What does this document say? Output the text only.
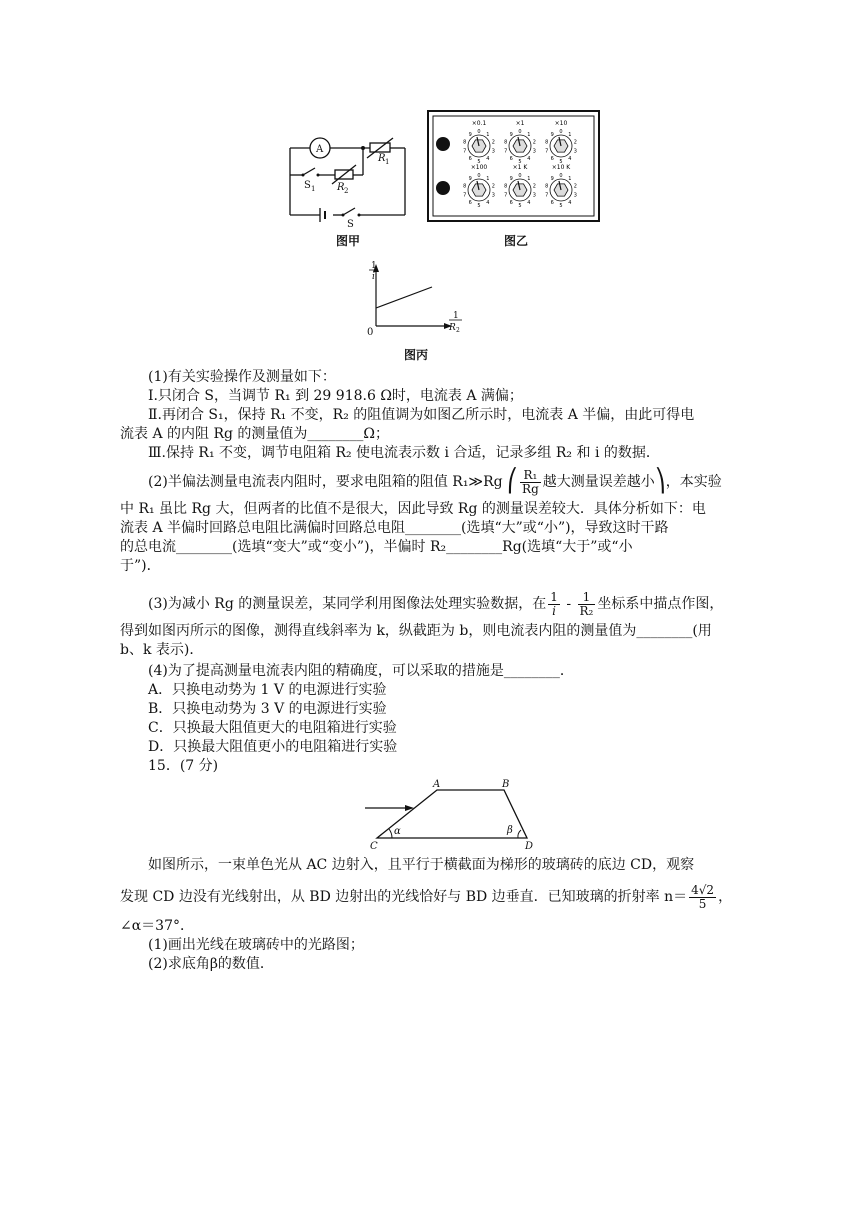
A
R 1
R 2
S 1
S
图甲
×0.1
0 1
2
3
4
5
6
7
8
9
×1
0 1
2
3
4
5
6
7
8
9
×10
0 1
2
3
4
5
6
7
8
9
×100
0 1
2
3
4
5
6
7
8
9
×1 K
0 1
2
3
4
5
6
7
8
9
×10 K
0 1
2
3
4
5
6
7
8
9
图乙
1
i
1
R 2
0
图丙
(1)有关实验操作及测量如下：
Ⅰ.只闭合 S，当调节 R₁ 到 29 918.6 Ω时，电流表 A 满偏；
Ⅱ.再闭合 S₁，保持 R₁ 不变，R₂ 的阻值调为如图乙所示时，电流表 A 半偏，由此可得电
流表 A 的内阻 Rg 的测量值为________Ω；
Ⅲ.保持 R₁ 不变，调节电阻箱 R₂ 使电流表示数 i 合适，记录多组 R₂ 和 i 的数据．
(2)半偏法测量电流表内阻时，要求电阻箱的阻值 R₁≫Rg ⎛ $\frac{\text{R₁}}{Rg}$ 越大测量误差越小⎞，本实验
中 R₁ 虽比 Rg 大，但两者的比值不是很大，因此导致 Rg 的测量误差较大．具体分析如下：电
流表 A 半偏时回路总电阻比满偏时回路总电阻________(选填“大”或“小”)，导致这时干路
的总电流________(选填“变大”或“变小”)，半偏时 R₂________Rg(选填“大于”或“小
于”)．
(3)为减小 Rg 的测量误差，某同学利用图像法处理实验数据，在 $\frac{1}{i} - \frac{1}{\text{R₂}}$ 坐标系中描点作图，
得到如图丙所示的图像，测得直线斜率为 k，纵截距为 b，则电流表内阻的测量值为________(用
b、k 表示)．
(4)为了提高测量电流表内阻的精确度，可以采取的措施是________．
A．只换电动势为 1 V 的电源进行实验
B．只换电动势为 3 V 的电源进行实验
C．只换最大阻值更大的电阻箱进行实验
D．只换最大阻值更小的电阻箱进行实验
15．(7 分)
A	B
C	D
α	β
如图所示，一束单色光从 AC 边射入，且平行于横截面为梯形的玻璃砖的底边 CD，观察
发现 CD 边没有光线射出，从 BD 边射出的光线恰好与 BD 边垂直．已知玻璃的折射率 $n= \frac{4√2}{5}$ ，
∠α＝37°．
(1)画出光线在玻璃砖中的光路图；
(2)求底角β的数值．
